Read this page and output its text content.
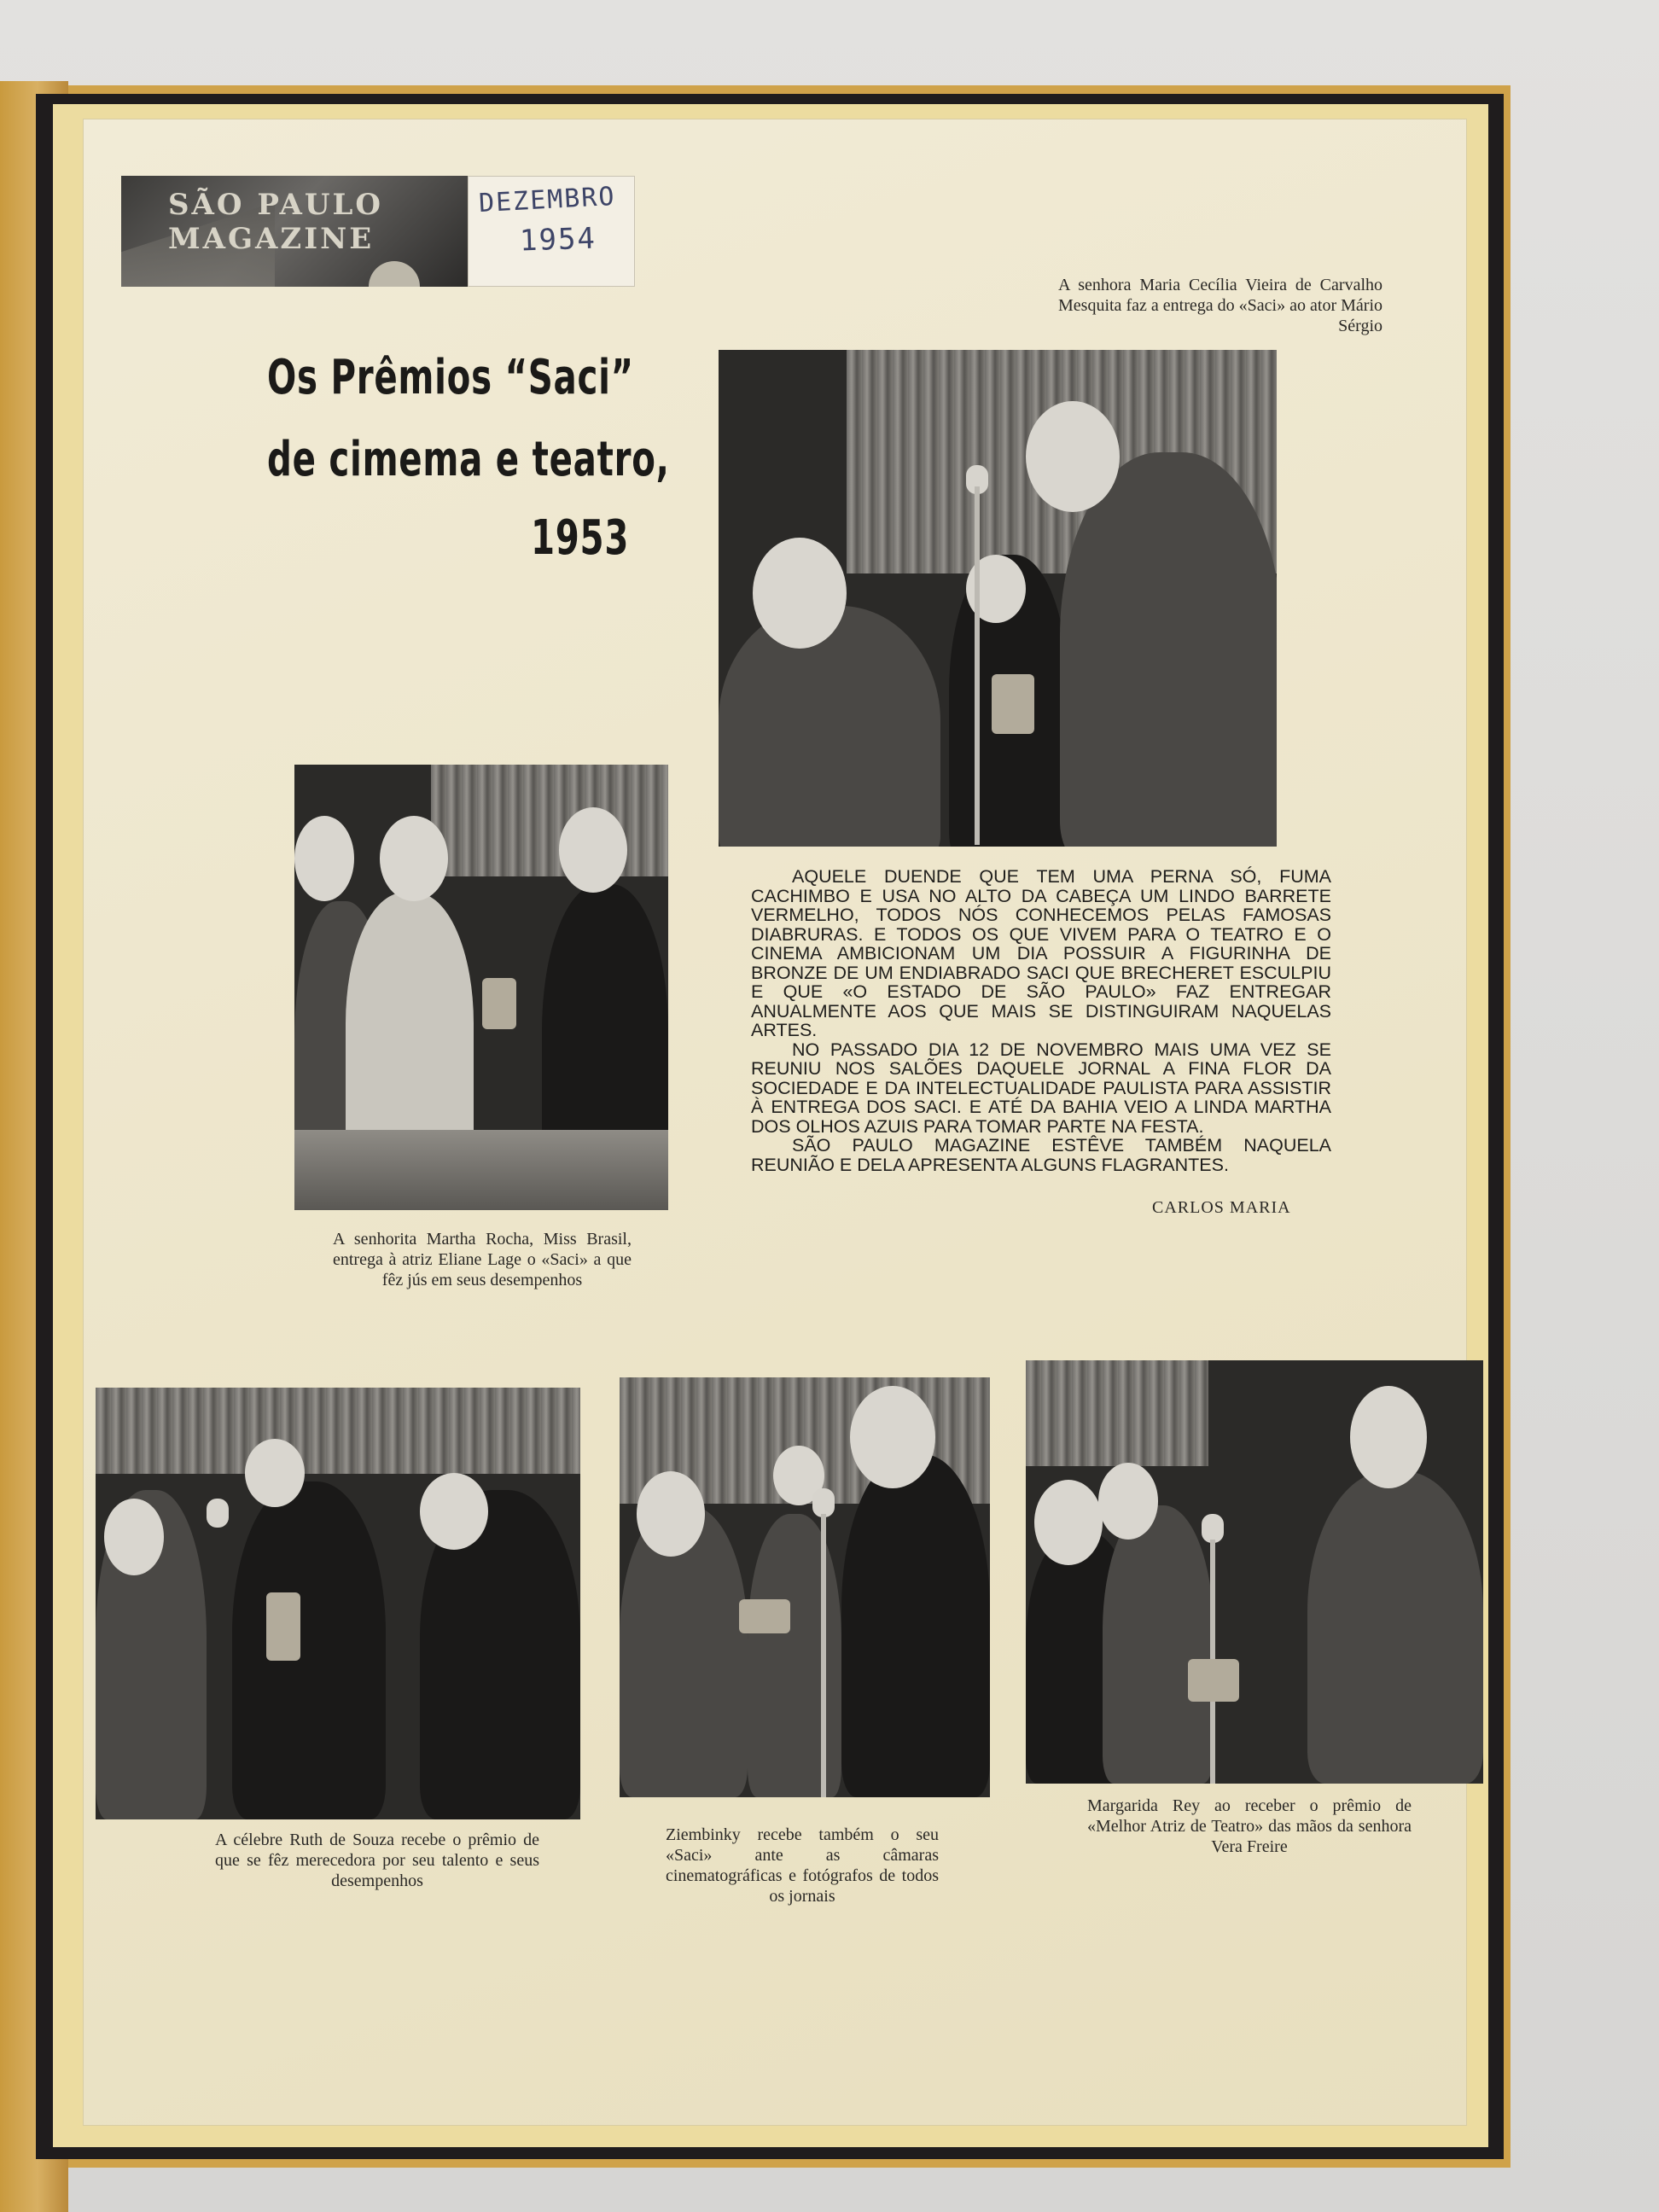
SÃO PAULO
MAGAZINE
DEZEMBRO
1954
Os Prêmios “Saci”
de cimema e teatro,
1953
A senhora Maria Cecília Vieira de Carvalho Mesquita faz a entrega do «Saci» ao ator Mário Sérgio
A senhorita Martha Rocha, Miss Brasil, entrega à atriz Eliane Lage o «Saci» a que fêz jús em seus desempenhos

AQUELE DUENDE QUE TEM UMA PERNA SÓ, FUMA CACHIMBO E USA NO ALTO DA CABEÇA UM LINDO BARRETE VERMELHO, TODOS NÓS CONHECEMOS PELAS FAMOSAS DIABRURAS. E TODOS OS QUE VIVEM PARA O TEATRO E O CINEMA AMBICIONAM UM DIA POSSUIR A FIGURINHA DE BRONZE DE UM ENDIABRADO SACI QUE BRECHERET ESCULPIU E QUE «O ESTADO DE SÃO PAULO» FAZ ENTREGAR ANUALMENTE AOS QUE MAIS SE DISTINGUIRAM NAQUELAS ARTES.

NO PASSADO DIA 12 DE NOVEMBRO MAIS UMA VEZ SE REUNIU NOS SALÕES DAQUELE JORNAL A FINA FLOR DA SOCIEDADE E DA INTELECTUALIDADE PAULISTA PARA ASSISTIR À ENTREGA DOS SACI. E ATÉ DA BAHIA VEIO A LINDA MARTHA DOS OLHOS AZUIS PARA TOMAR PARTE NA FESTA.

SÃO PAULO MAGAZINE ESTÊVE TAMBÉM NAQUELA REUNIÃO E DELA APRESENTA ALGUNS FLAGRANTES.

CARLOS MARIA
A célebre Ruth de Souza recebe o prêmio de que se fêz merecedora por seu talento e seus desempenhos
Ziembinky recebe também o seu «Saci» ante as câmaras cinematográficas e fotógrafos de todos os jornais
Margarida Rey ao receber o prêmio de «Melhor Atriz de Teatro» das mãos da senhora Vera Freire
